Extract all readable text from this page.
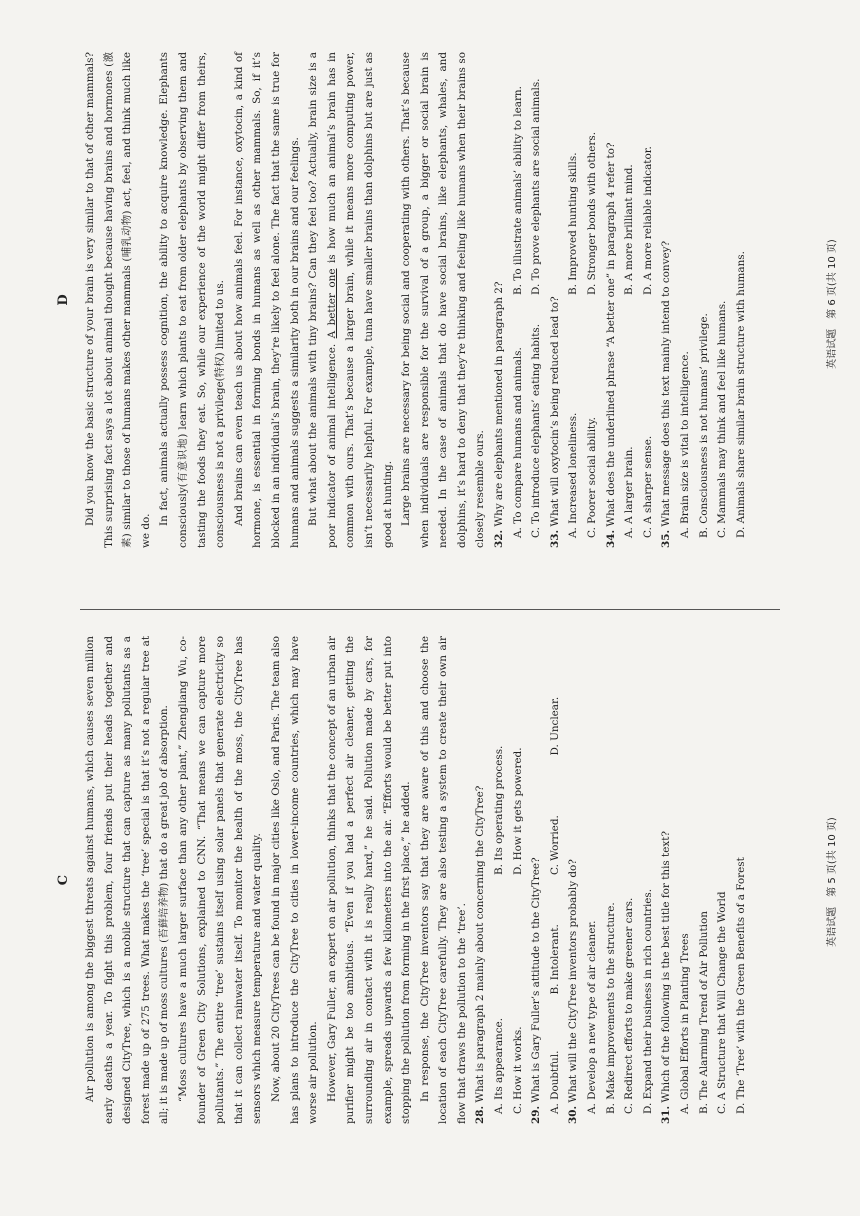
C Air pollution is among the biggest threats against humans, which causes seven million early deaths a year. To fight this problem, four friends put their heads together and designed CityTree, which is a mobile structure that can capture as many pollutants as a forest made up of 275 trees. What makes the ‘tree’ special is that it’s not a regular tree at all; it is made up of moss cultures (苔藓培养物) that do a great job of absorption. “Moss cultures have a much larger surface than any other plant,” Zhengliang Wu, co-founder of Green City Solutions, explained to CNN. “That means we can capture more pollutants.” The entire ‘tree’ sustains itself using solar panels that generate electricity so that it can collect rainwater itself. To monitor the health of the moss, the CityTree has sensors which measure temperature and water quality. Now, about 20 CityTrees can be found in major cities like Oslo, and Paris. The team also has plans to introduce the CityTree to cities in lower-income countries, which may have worse air pollution. However, Gary Fuller, an expert on air pollution, thinks that the concept of an urban air purifier might be too ambitious. “Even if you had a perfect air cleaner, getting the surrounding air in contact with it is really hard,” he said. Pollution made by cars, for example, spreads upwards a few kilometers into the air. “Efforts would be better put into stopping the pollution from forming in the first place,” he added. In response, the CityTree inventors say that they are aware of this and choose the location of each CityTree carefully. They are also testing a system to create their own air flow that draws the pollution to the ‘tree’. 28. What is paragraph 2 mainly about concerning the CityTree? A. Its appearance.
B. Its operating process.
C. How it works.
D. How it gets powered.

29. What is Gary Fuller’s attitude to the CityTree? A. Doubtful.
B. Intolerant.
C. Worried.
D. Unclear.

30. What will the CityTree inventors probably do? A. Develop a new type of air cleaner. B. Make improvements to the structure. C. Redirect efforts to make greener cars. D. Expand their business in rich countries.

31. Which of the following is the best title for this text? A. Global Efforts in Planting Trees B. The Alarming Trend of Air Pollution C. A Structure that Will Change the World D. The ‘Tree’ with the Green Benefits of a Forest	英语试题　第 5 页(共 10 页)
D Did you know the basic structure of your brain is very similar to that of other mammals? This surprising fact says a lot about animal thought because having brains and hormones (激素) similar to those of humans makes other mammals (哺乳动物) act, feel, and think much like we do.

In fact, animals actually possess cognition, the ability to acquire knowledge. Elephants consciously(有意识地) learn which plants to eat from older elephants by observing them and tasting the foods they eat. So, while our experience of the world might differ from theirs, consciousness is not a privilege(特权) limited to us. And brains can even teach us about how animals feel. For instance, oxytocin, a kind of hormone, is essential in forming bonds in humans as well as other mammals. So, if it’s blocked in an individual’s brain, they’re likely to feel alone. The fact that the same is true for humans and animals suggests a similarity both in our brains and our feelings. But what about the animals with tiny brains? Can they feel too? Actually, brain size is a poor indicator of animal intelligence. A better one is how much an animal’s brain has in common with ours. That’s because a larger brain, while it means more computing power, isn’t necessarily helpful. For example, tuna have smaller brains than dolphins but are just as good at hunting. Large brains are necessary for being social and cooperating with others. That’s because when individuals are responsible for the survival of a group, a bigger or social brain is needed. In the case of animals that do have social brains, like elephants, whales, and dolphins, it’s hard to deny that they’re thinking and feeling like humans when their brains so closely resemble ours. 32. Why are elephants mentioned in paragraph 2? A. To compare humans and animals.
B. To illustrate animals’ ability to learn.
C. To introduce elephants’ eating habits.
D. To prove elephants are social animals.

33. What will oxytocin’s being reduced lead to? A. Increased loneliness.
B. Improved hunting skills.
C. Poorer social ability.
D. Stronger bonds with others.

34. What does the underlined phrase “A better one” in paragraph 4 refer to? A. A larger brain.
B. A more brilliant mind.
C. A sharper sense.
D. A more reliable indicator.

35. What message does this text mainly intend to convey? A. Brain size is vital to intelligence. B. Consciousness is not humans’ privilege. C. Mammals may think and feel like humans. D. Animals share similar brain structure with humans.	英语试题　第 6 页(共 10 页)
